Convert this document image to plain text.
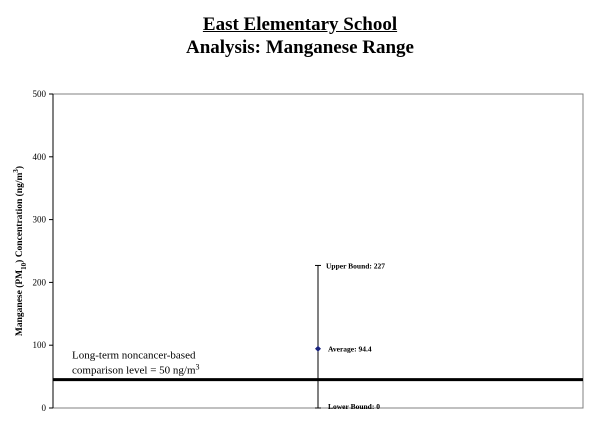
East Elementary School
Analysis: Manganese Range
0
100
200
300
400
500
Manganese $(PM_{10})$ Concentration $(ng/m^3)$
Long-term noncancer-based
comparison level = 50 $ng/m^3$
Upper Bound: 227
Average: 94.4
Lower Bound: 0
